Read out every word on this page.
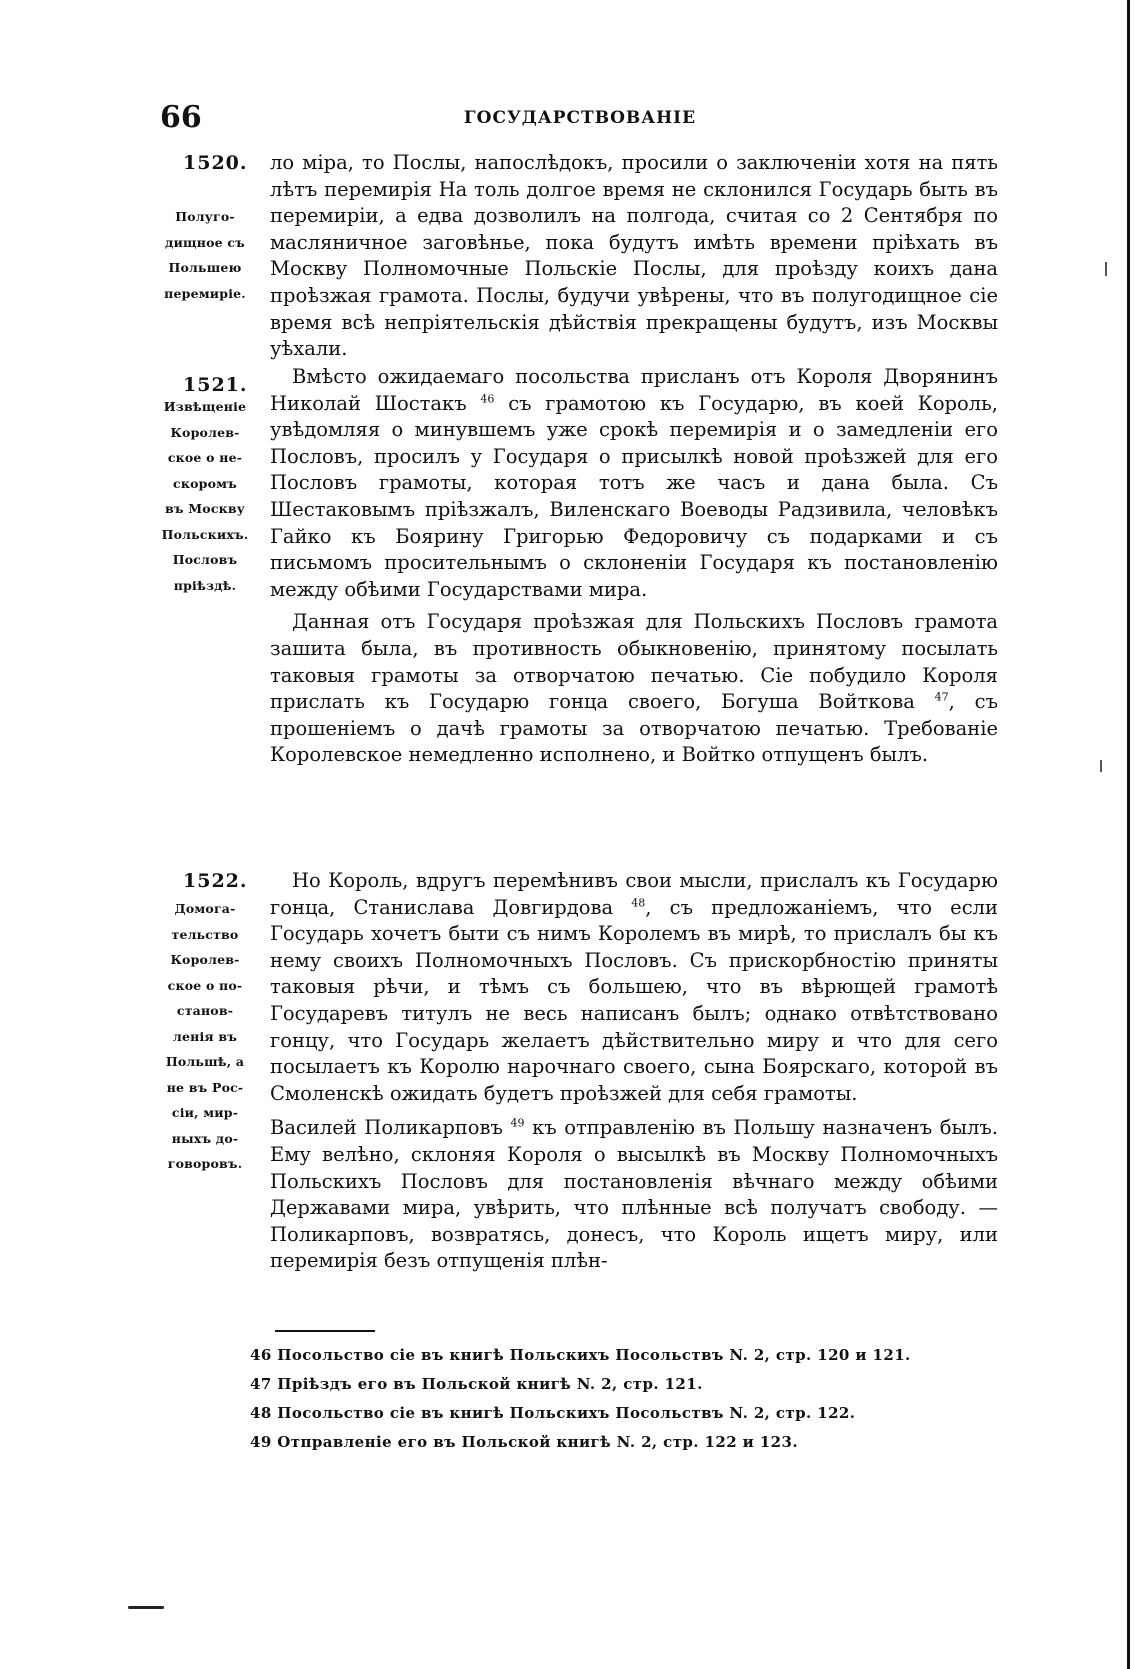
66	ГОСУДАРСТВОВАНІЕ
1520.
Полуго-
дищное съ
Польшею
перемиріе.

ло міра, то Послы, напослѣдокъ, просили о заключеніи хотя на пять лѣтъ перемирія На толь долгое время не склонился Государь быть въ перемиріи, а едва дозволилъ на полгода, считая со 2 Сентября по масляничное заговѣнье, пока будутъ имѣть времени пріѣхать въ Москву Полномочные Польскіе Послы, для проѣзду коихъ дана проѣзжая грамота. Послы, будучи увѣрены, что въ полугодищное сіе время всѣ непріятельскія дѣйствія прекращены будутъ, изъ Москвы уѣхали.

1521.
Извѣщеніе
Королев-
ское о не-
скоромъ
въ Москву
Польскихъ.
Пословъ
пріѣздѣ.

Вмѣсто ожидаемаго посольства присланъ отъ Короля Дворянинъ Николай Шостакъ $^{46}$ съ грамотою къ Государю, въ коей Король, увѣдомляя о минувшемъ уже срокѣ перемирія и о замедленіи его Пословъ, просилъ у Государя о присылкѣ новой проѣзжей для его Пословъ грамоты, которая тотъ же часъ и дана была. Съ Шестаковымъ пріѣзжалъ, Виленскаго Воеводы Радзивила, человѣкъ Гайко къ Боярину Григорью Федоровичу съ подарками и съ письмомъ просительнымъ о склоненіи Государя къ постановленію между обѣими Государствами мира.

Данная отъ Государя проѣзжая для Польскихъ Пословъ грамота зашита была, въ противность обыкновенію, принятому посылать таковыя грамоты за отворчатою печатью. Сіе побудило Короля прислать къ Государю гонца своего, Богуша Войткова $^{47}$, съ прошеніемъ о дачѣ грамоты за отворчатою печатью. Требованіе Королевское немедленно исполнено, и Войтко отпущенъ былъ.

1522.
Домога-
тельство
Королев-
ское о по-
станов-
ленія въ
Польшѣ, а
не въ Рос-
сіи, мир-
ныхъ до-
говоровъ.

Но Король, вдругъ перемѣнивъ свои мысли, прислалъ къ Государю гонца, Станислава Довгирдова $^{48}$, съ предложаніемъ, что если Государь хочетъ быти съ нимъ Королемъ въ мирѣ, то прислалъ бы къ нему своихъ Полномочныхъ Пословъ. Съ прискорбностію приняты таковыя рѣчи, и тѣмъ съ большею, что въ вѣрющей грамотѣ Государевъ титулъ не весь написанъ былъ; однако отвѣтствовано гонцу, что Государь желаетъ дѣйствительно миру и что для сего посылаетъ къ Королю нарочнаго своего, сына Боярскаго, которой въ Смоленскѣ ожидать будетъ проѣзжей для себя грамоты.

Василей Поликарповъ $^{49}$ къ отправленію въ Польшу назначенъ былъ. Ему велѣно, склоняя Короля о высылкѣ въ Москву Полномочныхъ Польскихъ Пословъ для постановленія вѣчнаго между обѣими Державами мира, увѣрить, что плѣнные всѣ получатъ свободу. — Поликарповъ, возвратясь, донесъ, что Король ищетъ миру, или перемирія безъ отпущенія плѣн-

46 Посольство сіе въ книгѣ Польскихъ Посольствъ N. 2, стр. 120 и 121.
47 Пріѣздъ его въ Польской книгѣ N. 2, стр. 121.
48 Посольство сіе въ книгѣ Польскихъ Посольствъ N. 2, стр. 122.
49 Отправленіе его въ Польской книгѣ N. 2, стр. 122 и 123.
